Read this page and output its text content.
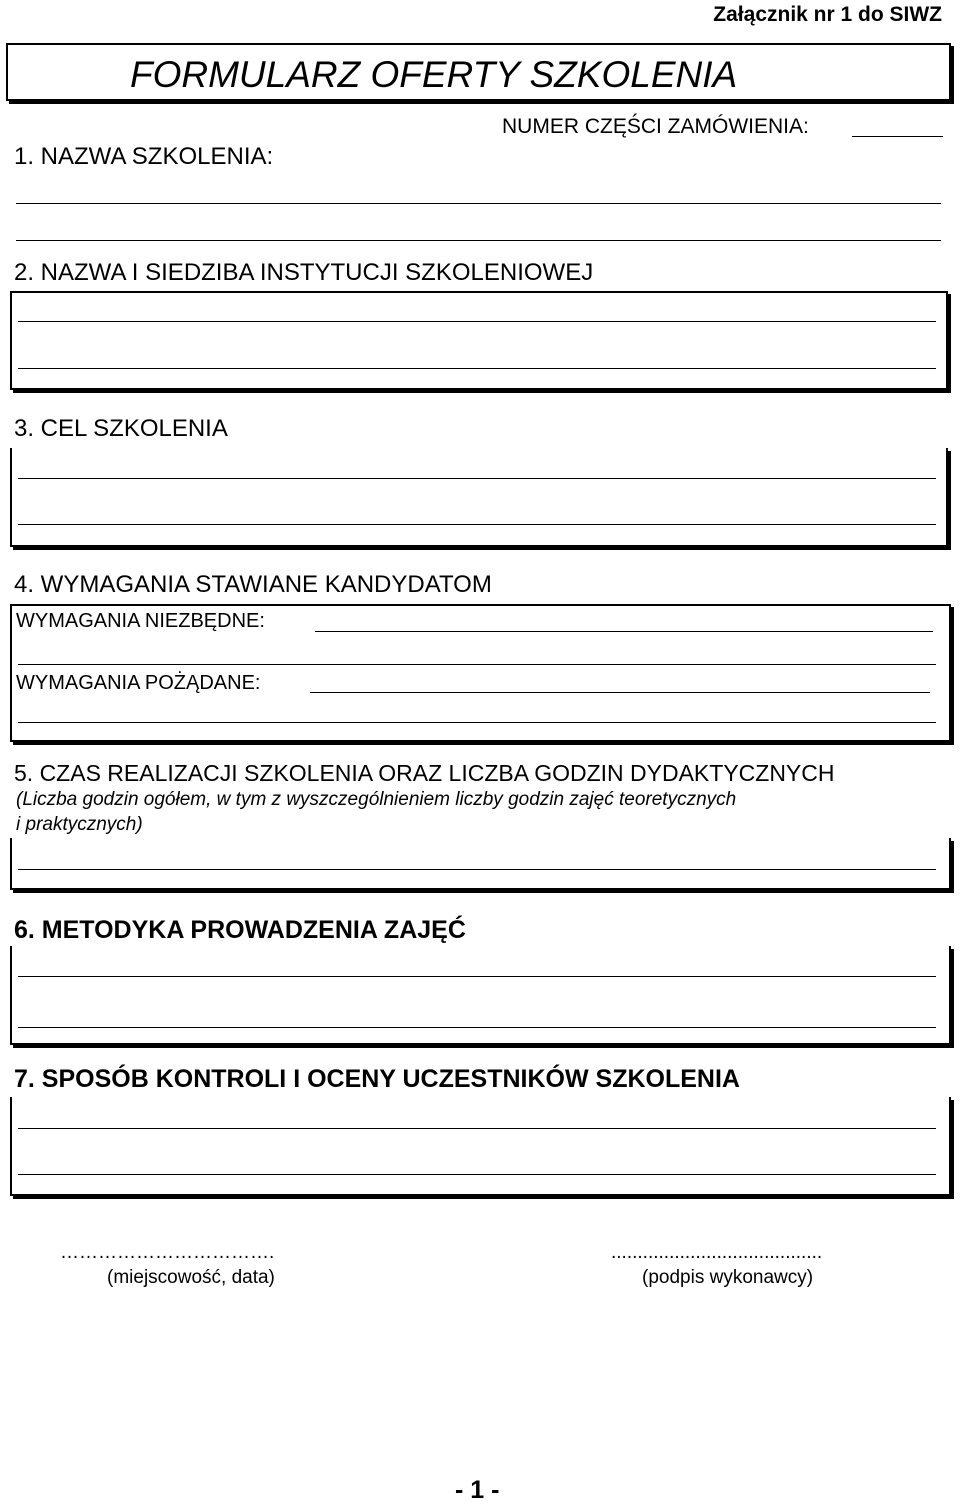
Załącznik nr 1 do SIWZ
FORMULARZ OFERTY SZKOLENIA
NUMER CZĘŚCI ZAMÓWIENIA:
1. NAZWA SZKOLENIA:
2. NAZWA I SIEDZIBA INSTYTUCJI SZKOLENIOWEJ
3. CEL SZKOLENIA
4. WYMAGANIA STAWIANE KANDYDATOM
WYMAGANIA NIEZBĘDNE:
WYMAGANIA POŻĄDANE:
5. CZAS REALIZACJI SZKOLENIA ORAZ LICZBA GODZIN DYDAKTYCZNYCH
(Liczba godzin ogółem, w tym z wyszczególnieniem liczby godzin zajęć teoretycznych
i praktycznych)
6. METODYKA PROWADZENIA ZAJĘĆ
7. SPOSÓB KONTROLI I OCENY UCZESTNIKÓW SZKOLENIA
…………………………….
(miejscowość, data)
........................................
(podpis wykonawcy)
- 1 -
